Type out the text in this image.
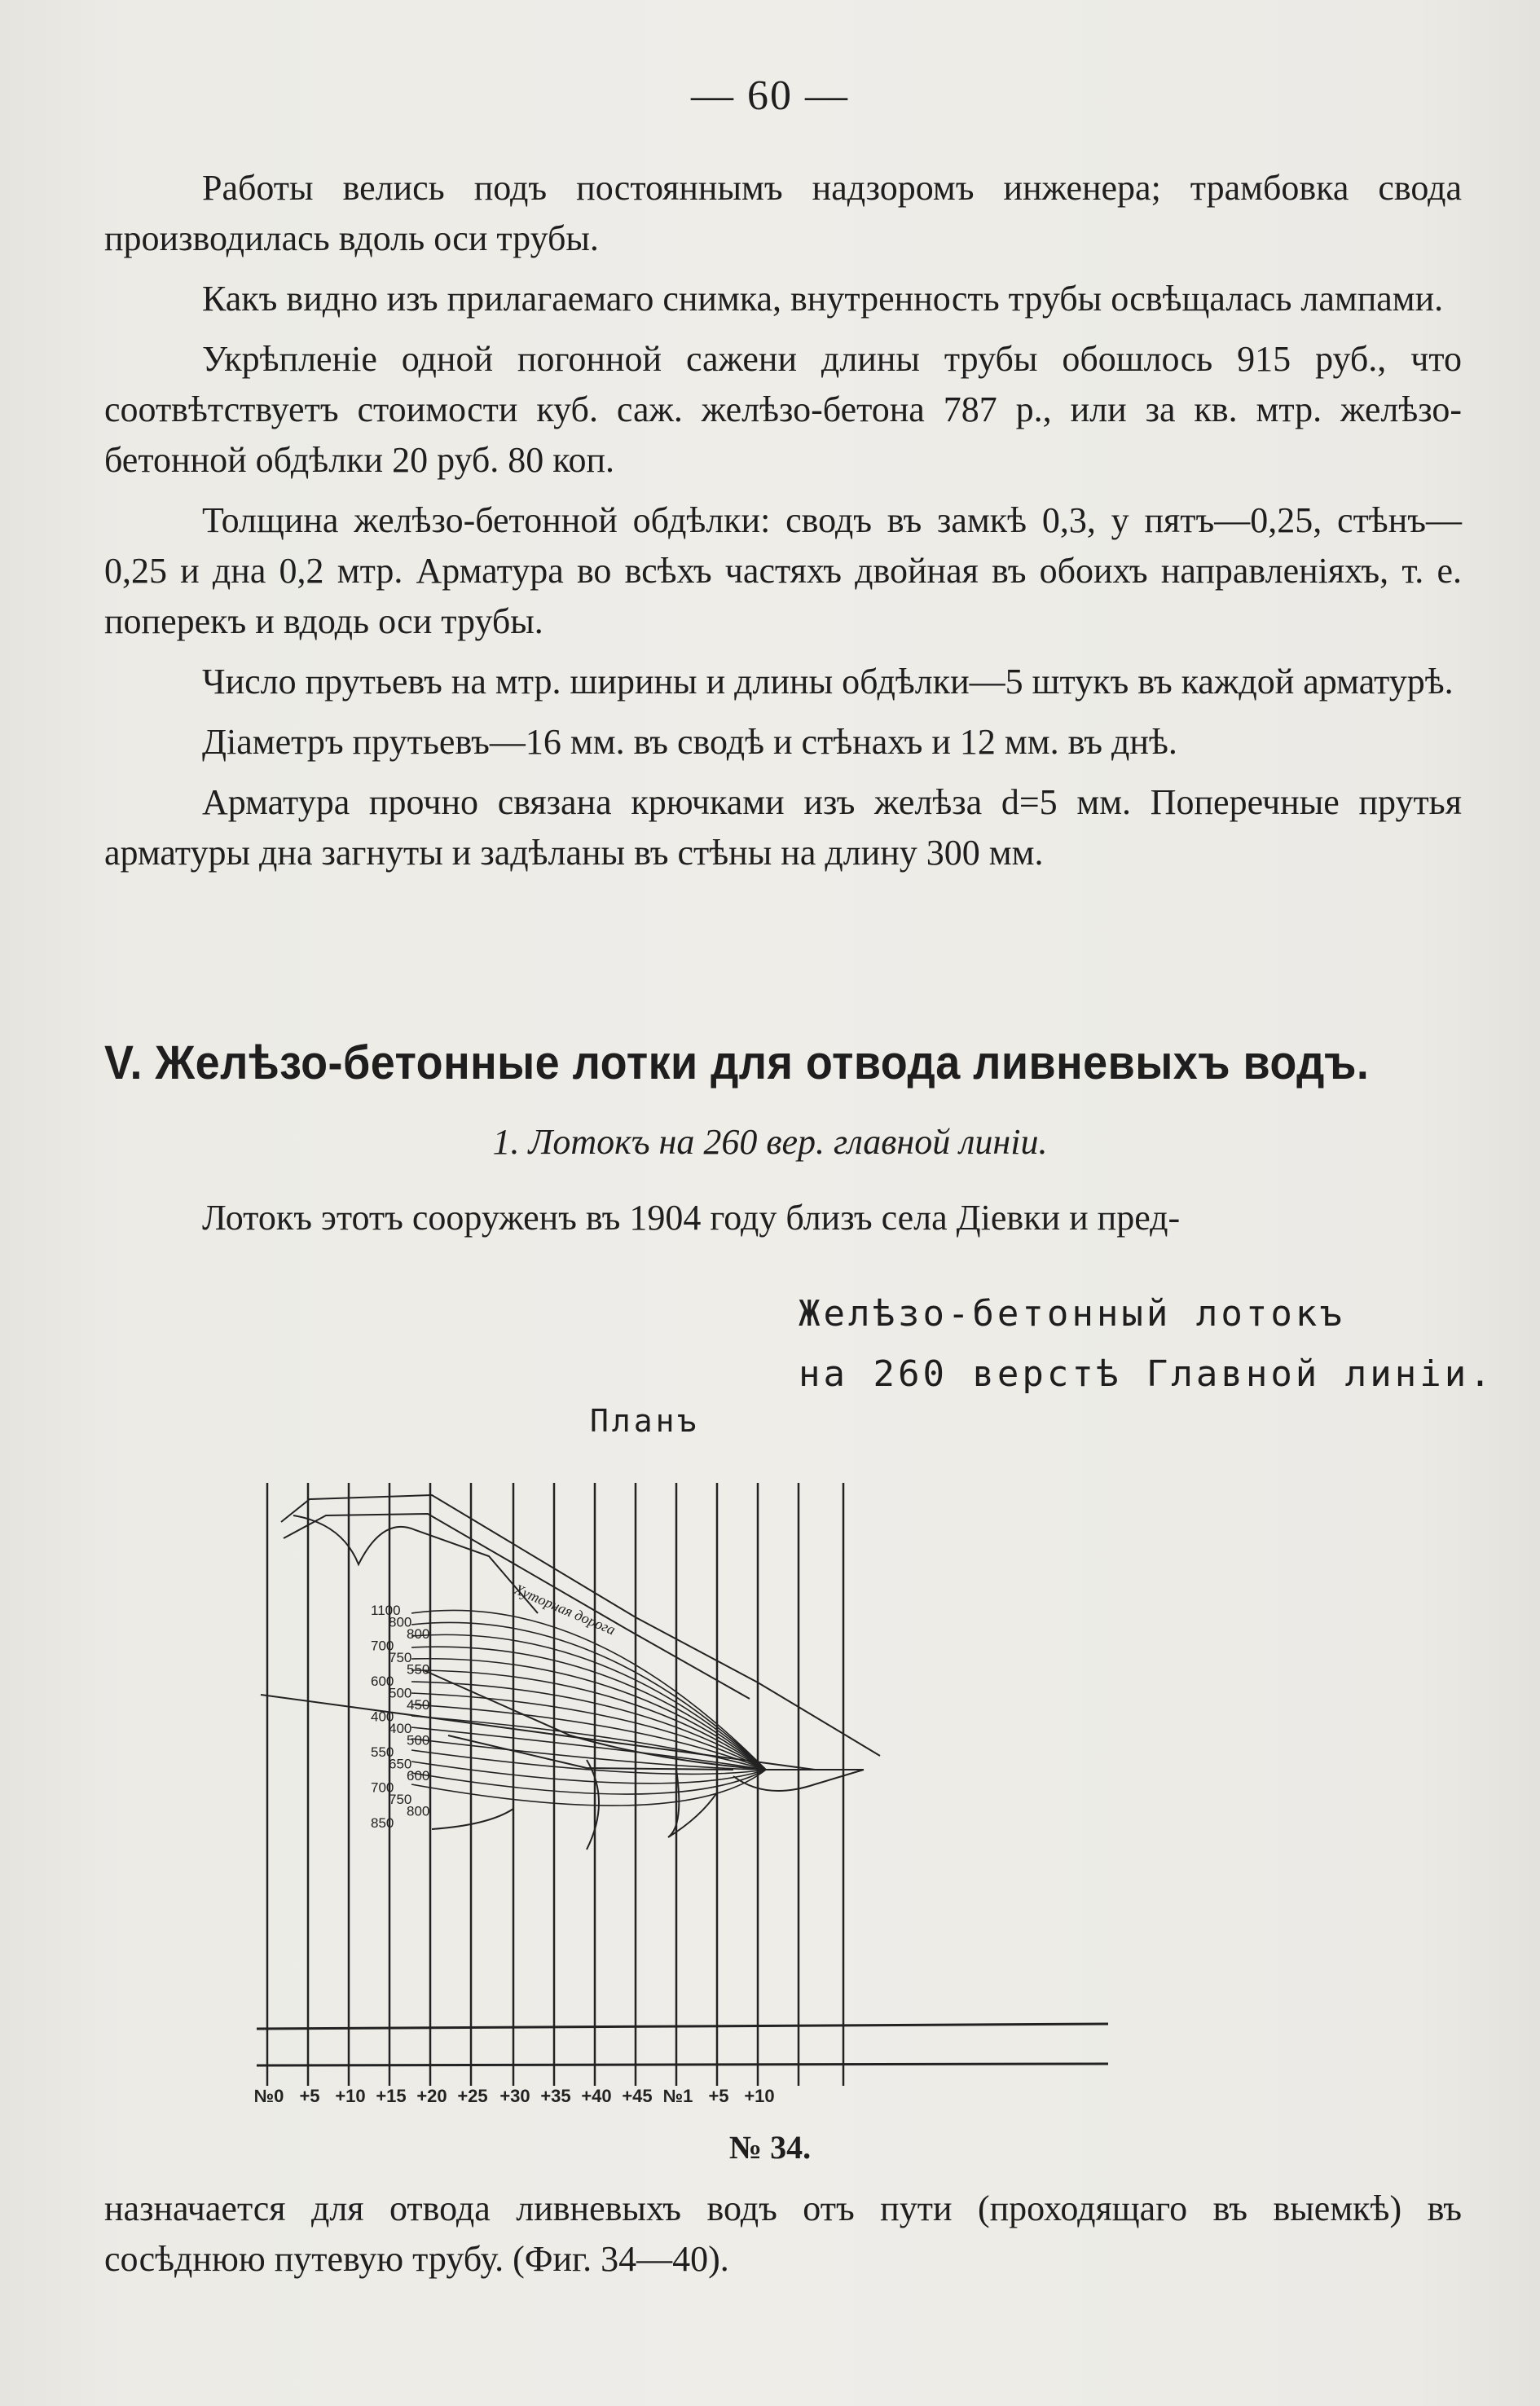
— 60 —

Работы велись подъ постояннымъ надзоромъ инженера; трамбовка свода производилась вдоль оси трубы.

Какъ видно изъ прилагаемаго снимка, внутренность трубы освѣщалась лампами.

Укрѣпленіе одной погонной сажени длины трубы обошлось 915 руб., что соотвѣтствуетъ стоимости куб. саж. желѣзо-бетона 787 р., или за кв. мтр. желѣзо-бетонной обдѣлки 20 руб. 80 коп.

Толщина желѣзо-бетонной обдѣлки: сводъ въ замкѣ 0,3, у пятъ—0,25, стѣнъ—0,25 и дна 0,2 мтр. Арматура во всѣхъ частяхъ двойная въ обоихъ направленіяхъ, т. е. поперекъ и вдодь оси трубы.

Число прутьевъ на мтр. ширины и длины обдѣлки—5 штукъ въ каждой арматурѣ.

Діаметръ прутьевъ—16 мм. въ сводѣ и стѣнахъ и 12 мм. въ днѣ.

Арматура прочно связана крючками изъ желѣза d=5 мм. Поперечные прутья арматуры дна загнуты и задѣланы въ стѣны на длину 300 мм.

V. Желѣзо-бетонные лотки для отвода ливневыхъ водъ.
1. Лотокъ на 260 вер. главной линіи.
Лотокъ этотъ сооруженъ въ 1904 году близъ села Діевки и пред-
Желѣзо-бетонный лотокъ
на 260 верстѣ Главной линіи.
Планъ
1100
800
800
700
750
550
600
500
450
400
400
500
550
650
600
700
750
800
850
Хуторная дорога
№0 +5 +10 +15 +20 +25 +30 +35 +40 +45 №1 +5 +10
№ 34.

назначается для отвода ливневыхъ водъ отъ пути (проходящаго въ выемкѣ) въ сосѣднюю путевую трубу. (Фиг. 34—40).
